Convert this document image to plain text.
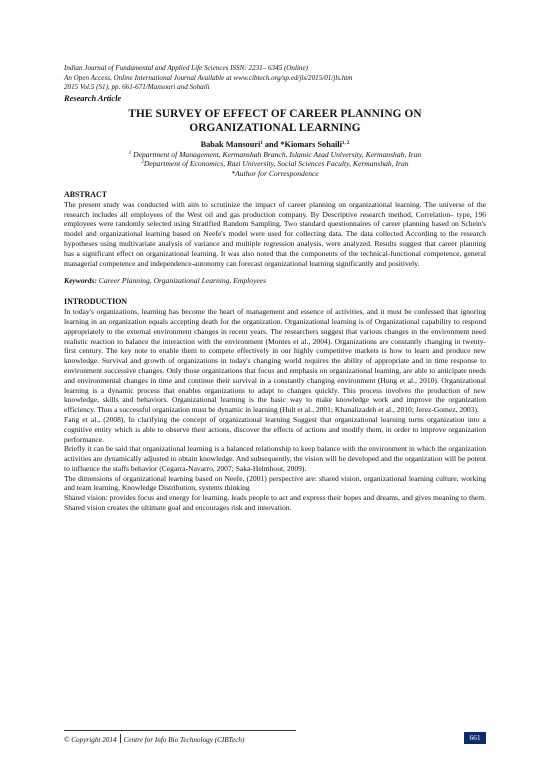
Indian Journal of Fundamental and Applied Life Sciences ISSN: 2231– 6345 (Online)
An Open Access, Online International Journal Available at www.cibtech.org/sp.ed/jls/2015/01/jls.htm
2015 Vol.5 (S1), pp. 661-671/Mansouri and Sohaili
Research Article
THE SURVEY OF EFFECT OF CAREER PLANNING ON
ORGANIZATIONAL LEARNING
Babak Mansouri$^1$ and *Kiomars Sohaili$^{1, 2}$
$^1$ Department of Management, Kermanshah Branch, Islamic Azad University, Kermanshah, Iran
$^2$Department of Economics, Razi University, Social Sciences Faculty, Kermanshah, Iran
*Author for Correspondence
ABSTRACT
The present study was conducted with aim to scrutinize the impact of career planning on organizational learning. The universe of the research includes all employees of the West oil and gas production company. By Descriptive research method, Correlation– type, 196 employees were randomly selected using Stratified Random Sampling. Two standard questionnaires of career planning based on Schein's model and organizational learning based on Neefe's model were used for collecting data. The data collected According to the research hypotheses using multivariate analysis of variance and multiple regression analysis, were analyzed. Results suggest that career planning has a significant effect on organizational learning. It was also noted that the components of the technical-functional competence, general managerial competence and independence-autonomy can forecast organizational learning significantly and positively.
Keywords: Career Planning, Organizational Learning, Employees
INTRODUCTION
In today's organizations, learning has become the heart of management and essence of activities, and it must be confessed that ignoring learning in an organization equals accepting death for the organization. Organizational learning is of Organizational capability to respond appropriately to the external environment changes in recent years. The researchers suggest that various changes in the environment need realistic reaction to balance the interaction with the environment (Montes et al., 2004). Organizations are constantly changing in twenty-first century. The key note to enable them to compete effectively in our highly competitive markets is how to learn and produce new knowledge. Survival and growth of organizations in today's changing world requires the ability of appropriate and in time response to environment successive changes. Only those organizations that focus and emphasis on organizational learning, are able to anticipate needs and environmental changes in time and continue their survival in a constantly changing environment (Hung et al., 2010). Organizational learning is a dynamic process that enables organizations to adapt to changes quickly. This process involves the production of new knowledge, skills and behaviors. Organizational learning is the basic way to make knowledge work and improve the organization efficiency. Thus a successful organization must be dynamic in learning (Hult et al., 2001; Khanalizadeh et al., 2010; Jerez-Gomez, 2003).
Fang et al., (2008), In clarifying the concept of organizational learning Suggest that organizational learning turns organization into a cognitive entity which is able to observe their actions, discover the effects of actions and modify them, in order to improve organization performance.
Briefly it can be said that organizational learning is a balanced relationship to keep balance with the environment in which the organization activities are dynamically adjusted to obtain knowledge. And subsequently, the vision will be developed and the organization will be potent to influence the staffs behavior (Cegarra-Navarro, 2007; Saka-Helmhout, 2009).
The dimensions of organizational learning based on Neefe, (2001) perspective are: shared vision, organizational learning culture, working and team learning, Knowledge Distribution, systems thinking
Shared vision: provides focus and energy for learning, leads people to act and express their hopes and dreams, and gives meaning to them. Shared vision creates the ultimate goal and encourages risk and innovation.
© Copyright 2014 Centre for Info Bio Technology (CIBTech)	661
